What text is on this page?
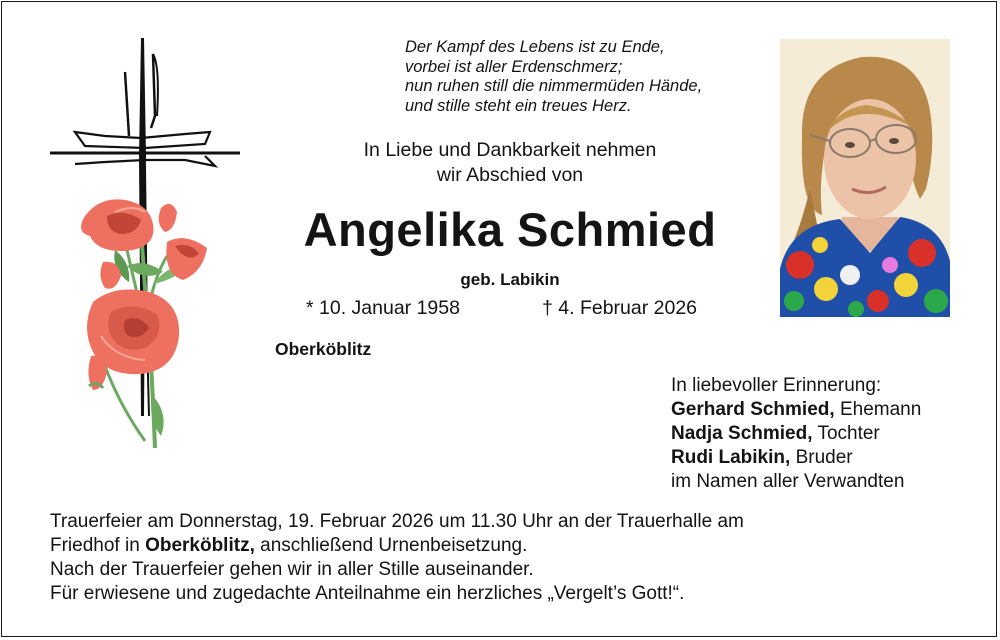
Der Kampf des Lebens ist zu Ende,
vorbei ist aller Erdenschmerz;
nun ruhen still die nimmermüden Hände,
und stille steht ein treues Herz.
In Liebe und Dankbarkeit nehmen
wir Abschied von
Angelika Schmied
geb. Labikin
* 10. Januar 1958	† 4. Februar 2026
Oberköblitz
In liebevoller Erinnerung:
Gerhard Schmied, Ehemann
Nadja Schmied, Tochter
Rudi Labikin, Bruder
im Namen aller Verwandten
Trauerfeier am Donnerstag, 19. Februar 2026 um 11.30 Uhr an der Trauerhalle am
Friedhof in Oberköblitz, anschließend Urnenbeisetzung.
Nach der Trauerfeier gehen wir in aller Stille auseinander.
Für erwiesene und zugedachte Anteilnahme ein herzliches „Vergelt’s Gott!“.
